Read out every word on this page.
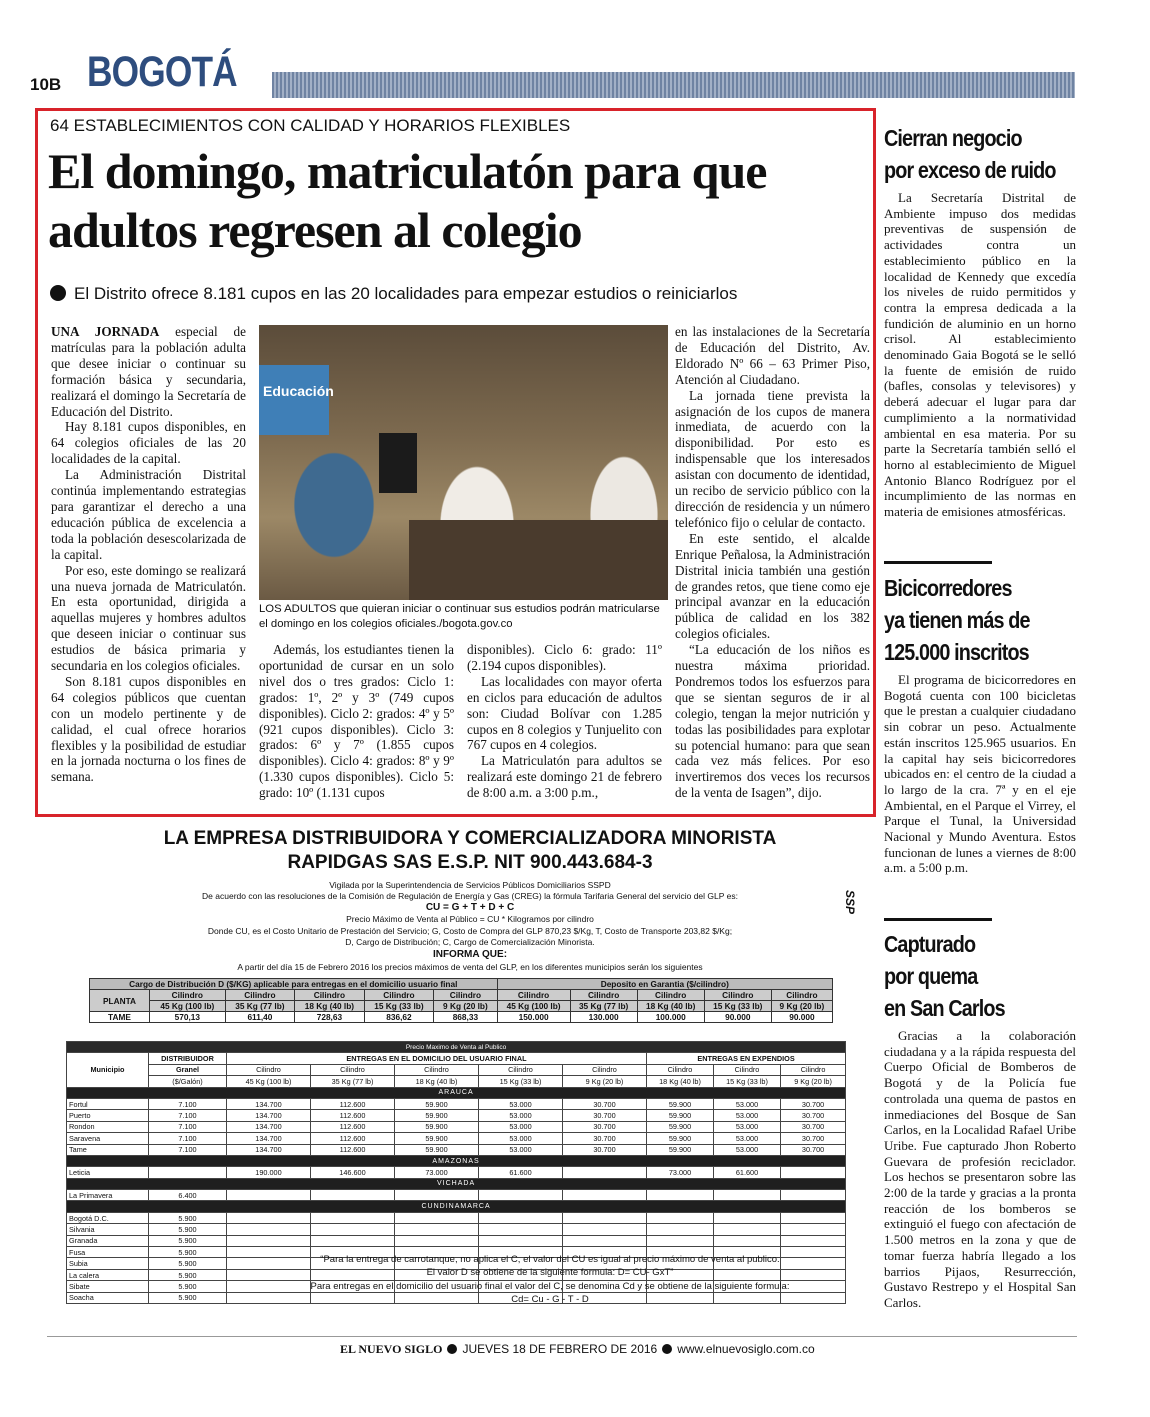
10B BOGOTÁ
64 ESTABLECIMIENTOS CON CALIDAD Y HORARIOS FLEXIBLES
El domingo, matriculatón para que adultos regresen al colegio
El Distrito ofrece 8.181 cupos en las 20 localidades para empezar estudios o reiniciarlos

UNA JORNADA especial de matrículas para la población adulta que desee iniciar o continuar su formación básica y secundaria, realizará el domingo la Secretaría de Educación del Distrito.

Hay 8.181 cupos disponibles, en 64 colegios oficiales de las 20 localidades de la capital.

La Administración Distrital continúa implementando estrategias para garantizar el derecho a una educación pública de excelencia a toda la población desescolarizada de la capital.

Por eso, este domingo se realizará una nueva jornada de Matriculatón. En esta oportunidad, dirigida a aquellas mujeres y hombres adultos que deseen iniciar o continuar sus estudios de básica primaria y secundaria en los colegios oficiales.

Son 8.181 cupos disponibles en 64 colegios públicos que cuentan con un modelo pertinente y de calidad, el cual ofrece horarios flexibles y la posibilidad de estudiar en la jornada nocturna o los fines de semana.

Educación
LOS ADULTOS que quieran iniciar o continuar sus estudios podrán matricularse el domingo en los colegios oficiales./bogota.gov.co

Además, los estudiantes tienen la oportunidad de cursar en un solo nivel dos o tres grados: Ciclo 1: grados: 1º, 2º y 3º (749 cupos disponibles). Ciclo 2: grados: 4º y 5º (921 cupos disponibles). Ciclo 3: grados: 6º y 7º (1.855 cupos disponibles). Ciclo 4: grados: 8º y 9º (1.330 cupos disponibles). Ciclo 5: grado: 10º (1.131 cupos

disponibles). Ciclo 6: grado: 11º (2.194 cupos disponibles).

Las localidades con mayor oferta en ciclos para educación de adultos son: Ciudad Bolívar con 1.285 cupos en 8 colegios y Tunjuelito con 767 cupos en 4 colegios.

La Matriculatón para adultos se realizará este domingo 21 de febrero de 8:00 a.m. a 3:00 p.m.,

en las instalaciones de la Secretaría de Educación del Distrito, Av. Eldorado Nº 66 – 63 Primer Piso, Atención al Ciudadano.

La jornada tiene prevista la asignación de los cupos de manera inmediata, de acuerdo con la disponibilidad. Por esto es indispensable que los interesados asistan con documento de identidad, un recibo de servicio público con la dirección de residencia y un número telefónico fijo o celular de contacto.

En este sentido, el alcalde Enrique Peñalosa, la Administración Distrital inicia también una gestión de grandes retos, que tiene como eje principal avanzar en la educación pública de calidad en los 382 colegios oficiales.

“La educación de los niños es nuestra máxima prioridad. Pondremos todos los esfuerzos para que se sientan seguros de ir al colegio, tengan la mejor nutrición y todas las posibilidades para explotar su potencial humano: para que sean cada vez más felices. Por eso invertiremos dos veces los recursos de la venta de Isagen”, dijo.

Cierran negocio
por exceso de ruido

La Secretaría Distrital de Ambiente impuso dos medidas preventivas de suspensión de actividades contra un establecimiento público en la localidad de Kennedy que excedía los niveles de ruido permitidos y contra la empresa dedicada a la fundición de aluminio en un horno crisol. Al establecimiento denominado Gaia Bogotá se le selló la fuente de emisión de ruido (bafles, consolas y televisores) y deberá adecuar el lugar para dar cumplimiento a la normatividad ambiental en esa materia. Por su parte la Secretaría también selló el horno al establecimiento de Miguel Antonio Blanco Rodríguez por el incumplimiento de las normas en materia de emisiones atmosféricas.

Bicicorredores
ya tienen más de
125.000 inscritos

El programa de bicicorredores en Bogotá cuenta con 100 bicicletas que le prestan a cualquier ciudadano sin cobrar un peso. Actualmente están inscritos 125.965 usuarios. En la capital hay seis bicicorredores ubicados en: el centro de la ciudad a lo largo de la cra. 7ª y en el eje Ambiental, en el Parque el Virrey, el Parque el Tunal, la Universidad Nacional y Mundo Aventura. Estos funcionan de lunes a viernes de 8:00 a.m. a 5:00 p.m.

Capturado
por quema
en San Carlos

Gracias a la colaboración ciudadana y a la rápida respuesta del Cuerpo Oficial de Bomberos de Bogotá y de la Policía fue controlada una quema de pastos en inmediaciones del Bosque de San Carlos, en la Localidad Rafael Uribe Uribe. Fue capturado Jhon Roberto Guevara de profesión reciclador. Los hechos se presentaron sobre las 2:00 de la tarde y gracias a la pronta reacción de los bomberos se extinguió el fuego con afectación de 1.500 metros en la zona y que de tomar fuerza habría llegado a los barrios Pijaos, Resurrección, Gustavo Restrepo y el Hospital San Carlos.

LA EMPRESA DISTRIBUIDORA Y COMERCIALIZADORA MINORISTA
RAPIDGAS SAS E.S.P. NIT 900.443.684-3
Vigilada por la Superintendencia de Servicios Públicos Domiciliarios SSPD
De acuerdo con las resoluciones de la Comisión de Regulación de Energía y Gas (CREG) la fórmula Tarifaria General del servicio del GLP es:
CU = G + T + D + C
Precio Máximo de Venta al Público = CU * Kilogramos por cilindro
Donde CU, es el Costo Unitario de Prestación del Servicio; G, Costo de Compra del GLP 870,23 $/Kg, T, Costo de Transporte 203,82 $/Kg;
D, Cargo de Distribución; C, Cargo de Comercialización Minorista.
INFORMA QUE:
A partir del día 15 de Febrero 2016 los precios máximos de venta del GLP, en los diferentes municipios serán los siguientes
SSP
Cargo de Distribución D ($/KG) aplicable para entregas en el domicilio usuario final						Deposito en Garantia ($/cilindro)				
PLANTA	Cilindro	Cilindro	Cilindro	Cilindro	Cilindro	Cilindro	Cilindro	Cilindro	Cilindro	Cilindro
	45 Kg (100 lb)	35 Kg (77 lb)	18 Kg (40 lb)	15 Kg (33 lb)	9 Kg (20 lb)	45 Kg (100 lb)	35 Kg (77 lb)	18 Kg (40 lb)	15 Kg (33 lb)	9 Kg (20 lb)
TAME	570,13	611,40	728,63	836,62	868,33	150.000	130.000	100.000	90.000	90.000
Precio Maximo de Venta al Publico									
Municipio	DISTRIBUIDOR	ENTREGAS EN EL DOMICILIO DEL USUARIO FINAL					ENTREGAS EN EXPENDIOS		
	Granel	Cilindro	Cilindro	Cilindro	Cilindro	Cilindro	Cilindro	Cilindro	Cilindro
	($/Galón)	45 Kg (100 lb)	35 Kg (77 lb)	18 Kg (40 lb)	15 Kg (33 lb)	9 Kg (20 lb)	18 Kg (40 lb)	15 Kg (33 lb)	9 Kg (20 lb)
ARAUCA									
Fortul	7.100	134.700	112.600	59.900	53.000	30.700	59.900	53.000	30.700
Puerto	7.100	134.700	112.600	59.900	53.000	30.700	59.900	53.000	30.700
Rondon	7.100	134.700	112.600	59.900	53.000	30.700	59.900	53.000	30.700
Saravena	7.100	134.700	112.600	59.900	53.000	30.700	59.900	53.000	30.700
Tame	7.100	134.700	112.600	59.900	53.000	30.700	59.900	53.000	30.700
AMAZONAS									
Leticia		190.000	146.600	73.000	61.600		73.000	61.600	
VICHADA									
La Primavera	6.400								
CUNDINAMARCA									
Bogotá D.C.	5.900								
Silvania	5.900								
Granada	5.900								
Fusa	5.900								
Subia	5.900								
La calera	5.900								
Sibate	5.900								
Soacha	5.900								
“Para la entrega de carrotanque, no aplica el C, el valor del CU es igual al precio máximo de venta al publico.
El valor D se obtiene de la siguiente formula: D= CU- GxT”
Para entregas en el domicilio del usuario final el valor del C, se denomina Cd y se obtiene de la siguiente formula:
Cd= Cu - G - T - D
EL NUEVO SIGLO JUEVES 18 DE FEBRERO DE 2016 www.elnuevosiglo.com.co
